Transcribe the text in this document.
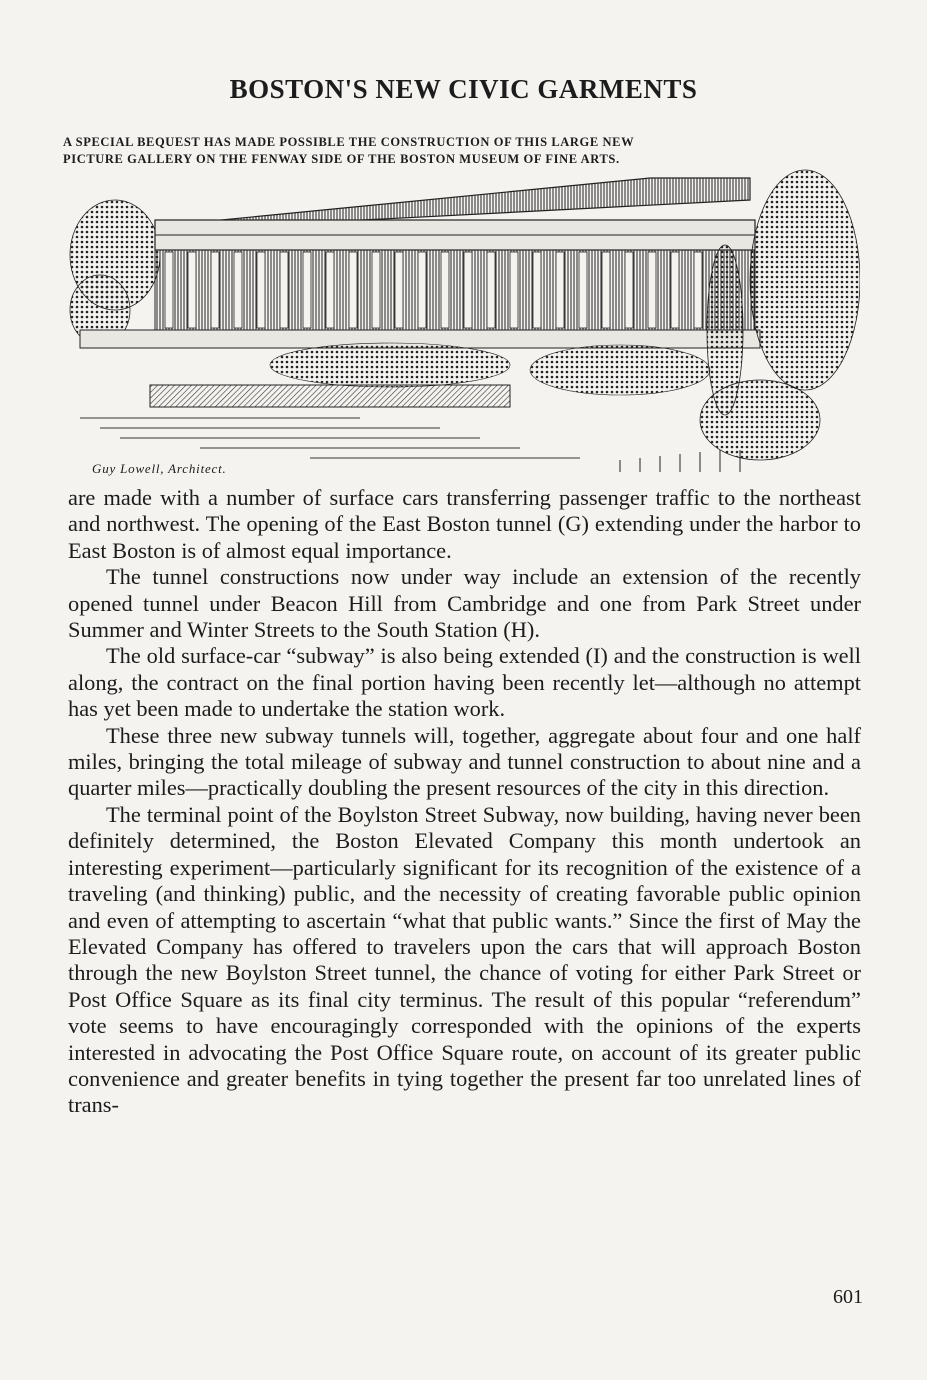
BOSTON'S NEW CIVIC GARMENTS
A SPECIAL BEQUEST HAS MADE POSSIBLE THE CONSTRUCTION OF THIS LARGE NEW
PICTURE GALLERY ON THE FENWAY SIDE OF THE BOSTON MUSEUM OF FINE ARTS.
Guy Lowell, Architect.

are made with a number of surface cars transferring passenger traffic to the northeast and northwest. The opening of the East Boston tunnel (G) extending under the harbor to East Boston is of almost equal importance.

The tunnel constructions now under way include an extension of the recently opened tunnel under Beacon Hill from Cambridge and one from Park Street under Summer and Winter Streets to the South Station (H).

The old surface-car “subway” is also being extended (I) and the construction is well along, the contract on the final portion having been recently let—although no attempt has yet been made to undertake the station work.

These three new subway tunnels will, together, aggregate about four and one half miles, bringing the total mileage of subway and tunnel construction to about nine and a quarter miles—practically doubling the present resources of the city in this direction.

The terminal point of the Boylston Street Subway, now building, having never been definitely determined, the Boston Elevated Company this month undertook an interesting experiment—particularly significant for its recognition of the existence of a traveling (and thinking) public, and the necessity of creating favorable public opinion and even of attempting to ascertain “what that public wants.” Since the first of May the Elevated Company has offered to travelers upon the cars that will approach Boston through the new Boylston Street tunnel, the chance of voting for either Park Street or Post Office Square as its final city terminus. The result of this popular “referendum” vote seems to have encouragingly corresponded with the opinions of the experts interested in advocating the Post Office Square route, on account of its greater public convenience and greater benefits in tying together the present far too unrelated lines of trans-

601
